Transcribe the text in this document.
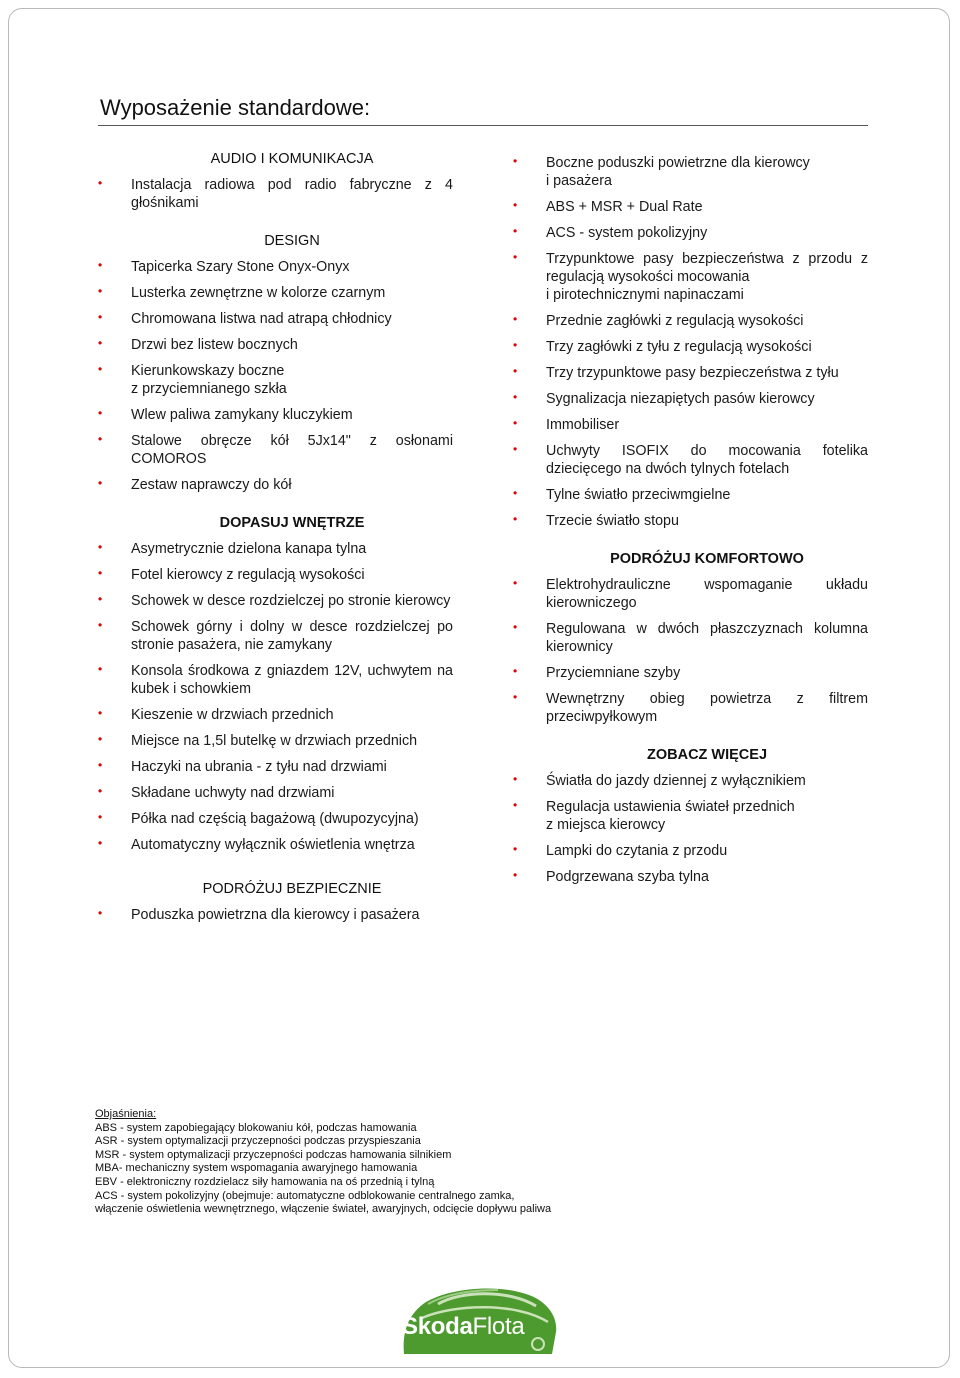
Wyposażenie standardowe:
AUDIO I KOMUNIKACJA
• Instalacja radiowa pod radio fabryczne z 4 głośnikami
DESIGN
• Tapicerka Szary Stone Onyx-Onyx
• Lusterka zewnętrzne w kolorze czarnym
• Chromowana listwa nad atrapą chłodnicy
• Drzwi bez listew bocznych
• Kierunkowskazy boczne
z przyciemnianego szkła
• Wlew paliwa zamykany kluczykiem
• Stalowe obręcze kół 5Jx14" z osłonami COMOROS
• Zestaw naprawczy do kół
DOPASUJ WNĘTRZE
• Asymetrycznie dzielona kanapa tylna
• Fotel kierowcy z regulacją wysokości
• Schowek w desce rozdzielczej po stronie kierowcy
• Schowek górny i dolny w desce rozdzielczej po stronie pasażera, nie zamykany
• Konsola środkowa z gniazdem 12V, uchwytem na kubek i schowkiem
• Kieszenie w drzwiach przednich
• Miejsce na 1,5l butelkę w drzwiach przednich
• Haczyki na ubrania - z tyłu nad drzwiami
• Składane uchwyty nad drzwiami
• Półka nad częścią bagażową (dwupozycyjna)
• Automatyczny wyłącznik oświetlenia wnętrza
PODRÓŻUJ BEZPIECZNIE
• Poduszka powietrzna dla kierowcy i pasażera
• Boczne poduszki powietrzne dla kierowcy
i pasażera
• ABS + MSR + Dual Rate
• ACS - system pokolizyjny
• Trzypunktowe pasy bezpieczeństwa z przodu z regulacją wysokości mocowania
i pirotechnicznymi napinaczami
• Przednie zagłówki z regulacją wysokości
• Trzy zagłówki z tyłu z regulacją wysokości
• Trzy trzypunktowe pasy bezpieczeństwa z tyłu
• Sygnalizacja niezapiętych pasów kierowcy
• Immobiliser
• Uchwyty ISOFIX do mocowania fotelika dziecięcego na dwóch tylnych fotelach
• Tylne światło przeciwmgielne
• Trzecie światło stopu
PODRÓŻUJ KOMFORTOWO
• Elektrohydrauliczne wspomaganie układu kierowniczego
• Regulowana w dwóch płaszczyznach kolumna kierownicy
• Przyciemniane szyby
• Wewnętrzny obieg powietrza z filtrem przeciwpyłkowym
ZOBACZ WIĘCEJ
• Światła do jazdy dziennej z wyłącznikiem
• Regulacja ustawienia świateł przednich
z miejsca kierowcy
• Lampki do czytania z przodu
• Podgrzewana szyba tylna
Objaśnienia:
ABS - system zapobiegający blokowaniu kół, podczas hamowania
ASR - system optymalizacji przyczepności podczas przyspieszania
MSR - system optymalizacji przyczepności podczas hamowania silnikiem
MBA- mechaniczny system wspomagania awaryjnego hamowania
EBV - elektroniczny rozdzielacz siły hamowania na oś przednią i tylną
ACS - system pokolizyjny (obejmuje: automatyczne odblokowanie centralnego zamka,
włączenie oświetlenia wewnętrznego, włączenie świateł, awaryjnych, odcięcie dopływu paliwa
ŠkodaFlota
